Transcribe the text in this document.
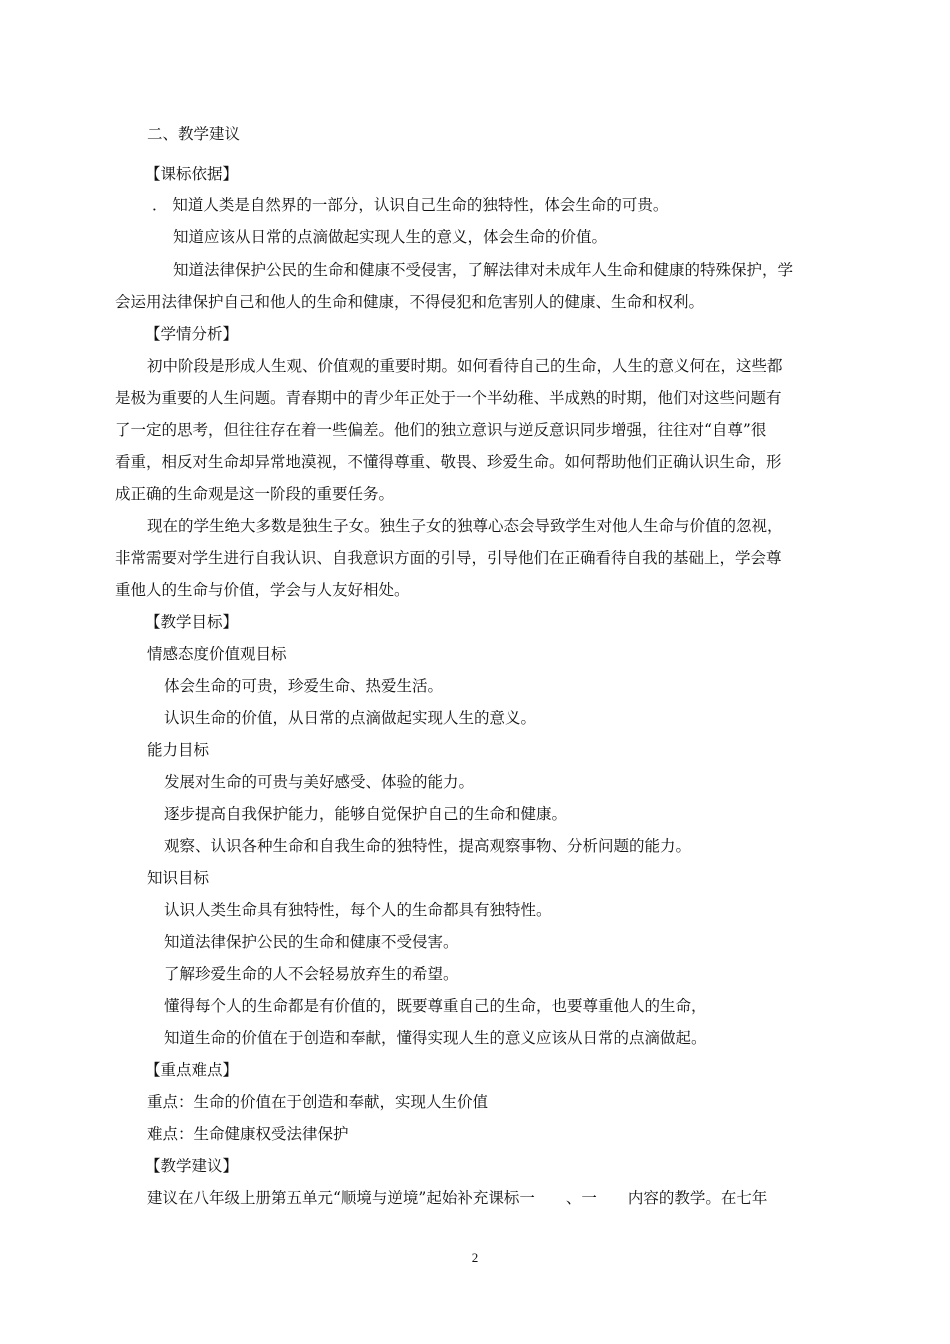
二、教学建议
【课标依据】
． 知道人类是自然界的一部分，认识自己生命的独特性，体会生命的可贵。
知道应该从日常的点滴做起实现人生的意义，体会生命的价值。
知道法律保护公民的生命和健康不受侵害，了解法律对未成年人生命和健康的特殊保护，学
会运用法律保护自己和他人的生命和健康，不得侵犯和危害别人的健康、生命和权利。
【学情分析】
初中阶段是形成人生观、价值观的重要时期。如何看待自己的生命，人生的意义何在，这些都
是极为重要的人生问题。青春期中的青少年正处于一个半幼稚、半成熟的时期，他们对这些问题有
了一定的思考，但往往存在着一些偏差。他们的独立意识与逆反意识同步增强，往往对“自尊”很
看重，相反对生命却异常地漠视，不懂得尊重、敬畏、珍爱生命。如何帮助他们正确认识生命，形
成正确的生命观是这一阶段的重要任务。
现在的学生绝大多数是独生子女。独生子女的独尊心态会导致学生对他人生命与价值的忽视，
非常需要对学生进行自我认识、自我意识方面的引导，引导他们在正确看待自我的基础上，学会尊
重他人的生命与价值，学会与人友好相处。
【教学目标】
情感态度价值观目标
体会生命的可贵，珍爱生命、热爱生活。
认识生命的价值，从日常的点滴做起实现人生的意义。
能力目标
发展对生命的可贵与美好感受、体验的能力。
逐步提高自我保护能力，能够自觉保护自己的生命和健康。
观察、认识各种生命和自我生命的独特性，提高观察事物、分析问题的能力。
知识目标
认识人类生命具有独特性，每个人的生命都具有独特性。
知道法律保护公民的生命和健康不受侵害。
了解珍爱生命的人不会轻易放弃生的希望。
懂得每个人的生命都是有价值的，既要尊重自己的生命，也要尊重他人的生命，
知道生命的价值在于创造和奉献，懂得实现人生的意义应该从日常的点滴做起。
【重点难点】
重点：生命的价值在于创造和奉献，实现人生价值
难点：生命健康权受法律保护
【教学建议】
建议在八年级上册第五单元“顺境与逆境”起始补充课标一　　、一　　内容的教学。在七年
2
